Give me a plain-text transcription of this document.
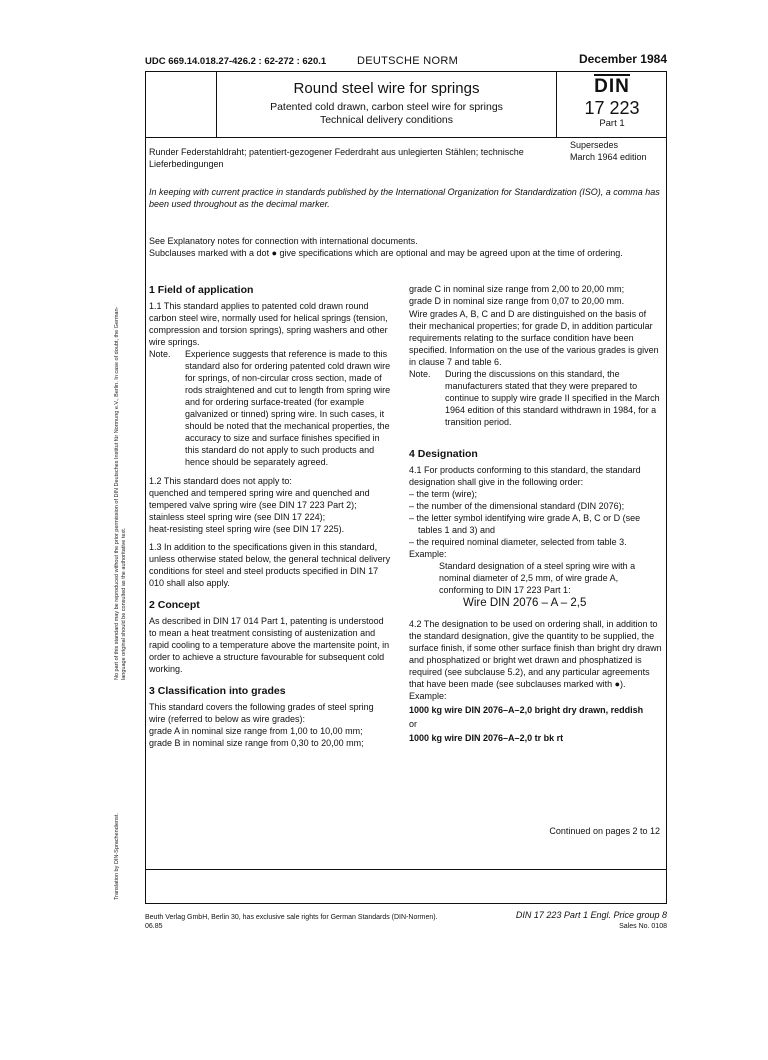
UDC 669.14.018.27-426.2 : 62-272 : 620.1	DEUTSCHE NORM	December 1984
Round steel wire for springs
Patented cold drawn, carbon steel wire for springs
Technical delivery conditions
DIN
17 223
Part 1
Runder Federstahldraht; patentiert-gezogener Federdraht aus unlegierten Stählen; technische Lieferbedingungen
Supersedes
March 1964 edition
In keeping with current practice in standards published by the International Organization for Standardization (ISO), a comma has been used throughout as the decimal marker.
See Explanatory notes for connection with international documents.
Subclauses marked with a dot ● give specifications which are optional and may be agreed upon at the time of ordering.

1 Field of application

1.1 This standard applies to patented cold drawn round carbon steel wire, normally used for helical springs (tension, compression and torsion springs), spring washers and other wire springs.

Note.	Experience suggests that reference is made to this standard also for ordering patented cold drawn wire for springs, of non-circular cross section, made of rods straightened and cut to length from spring wire and for ordering surface-treated (for example galvanized or tinned) spring wire. In such cases, it should be noted that the mechanical properties, the accuracy to size and surface finishes specified in this standard do not apply to such products and hence should be separately agreed.

1.2 This standard does not apply to:

quenched and tempered spring wire and quenched and tempered valve spring wire (see DIN 17 223 Part 2);

stainless steel spring wire (see DIN 17 224);

heat-resisting steel spring wire (see DIN 17 225).

1.3 In addition to the specifications given in this standard, unless otherwise stated below, the general technical delivery conditions for steel and steel products specified in DIN 17 010 shall also apply.

2 Concept

As described in DIN 17 014 Part 1, patenting is understood to mean a heat treatment consisting of austenization and rapid cooling to a temperature above the martensite point, in order to achieve a structure favourable for subsequent cold working.

3 Classification into grades

This standard covers the following grades of steel spring wire (referred to below as wire grades):

grade A in nominal size range from 1,00 to 10,00 mm;

grade B in nominal size range from 0,30 to 20,00 mm;

grade C in nominal size range from 2,00 to 20,00 mm;

grade D in nominal size range from 0,07 to 20,00 mm.

Wire grades A, B, C and D are distinguished on the basis of their mechanical properties; for grade D, in addition particular requirements relating to the surface condition have been specified. Information on the use of the various grades is given in clause 7 and table 6.

Note.	During the discussions on this standard, the manufacturers stated that they were prepared to continue to supply wire grade II specified in the March 1964 edition of this standard withdrawn in 1984, for a transition period.

4 Designation

4.1 For products conforming to this standard, the standard designation shall give in the following order:

– the term (wire);

– the number of the dimensional standard (DIN 2076);

– the letter symbol identifying wire grade A, B, C or D (see tables 1 and 3) and

– the required nominal diameter, selected from table 3.

Example:

Standard designation of a steel spring wire with a nominal diameter of 2,5 mm, of wire grade A, conforming to DIN 17 223 Part 1:

Wire DIN 2076 – A – 2,5

4.2 The designation to be used on ordering shall, in addition to the standard designation, give the quantity to be supplied, the surface finish, if some other surface finish than bright dry drawn and phosphatized or bright wet drawn and phosphatized is required (see subclause 5.2), and any particular agreements that have been made (see subclauses marked with ●).

Example:

1000 kg wire DIN 2076–A–2,0 bright dry drawn, reddish

or

1000 kg wire DIN 2076–A–2,0 tr bk rt

Continued on pages 2 to 12
No part of this standard may be reproduced without the prior permission of DIN Deutsches Institut für Normung e.V., Berlin. In case of doubt, the German-language original should be consulted as the authoritative text.
Translation by DIN-Sprachendienst.
Beuth Verlag GmbH, Berlin 30, has exclusive sale rights for German Standards (DIN-Normen).
06.85
DIN 17 223 Part 1 Engl. Price group 8
Sales No. 0108
